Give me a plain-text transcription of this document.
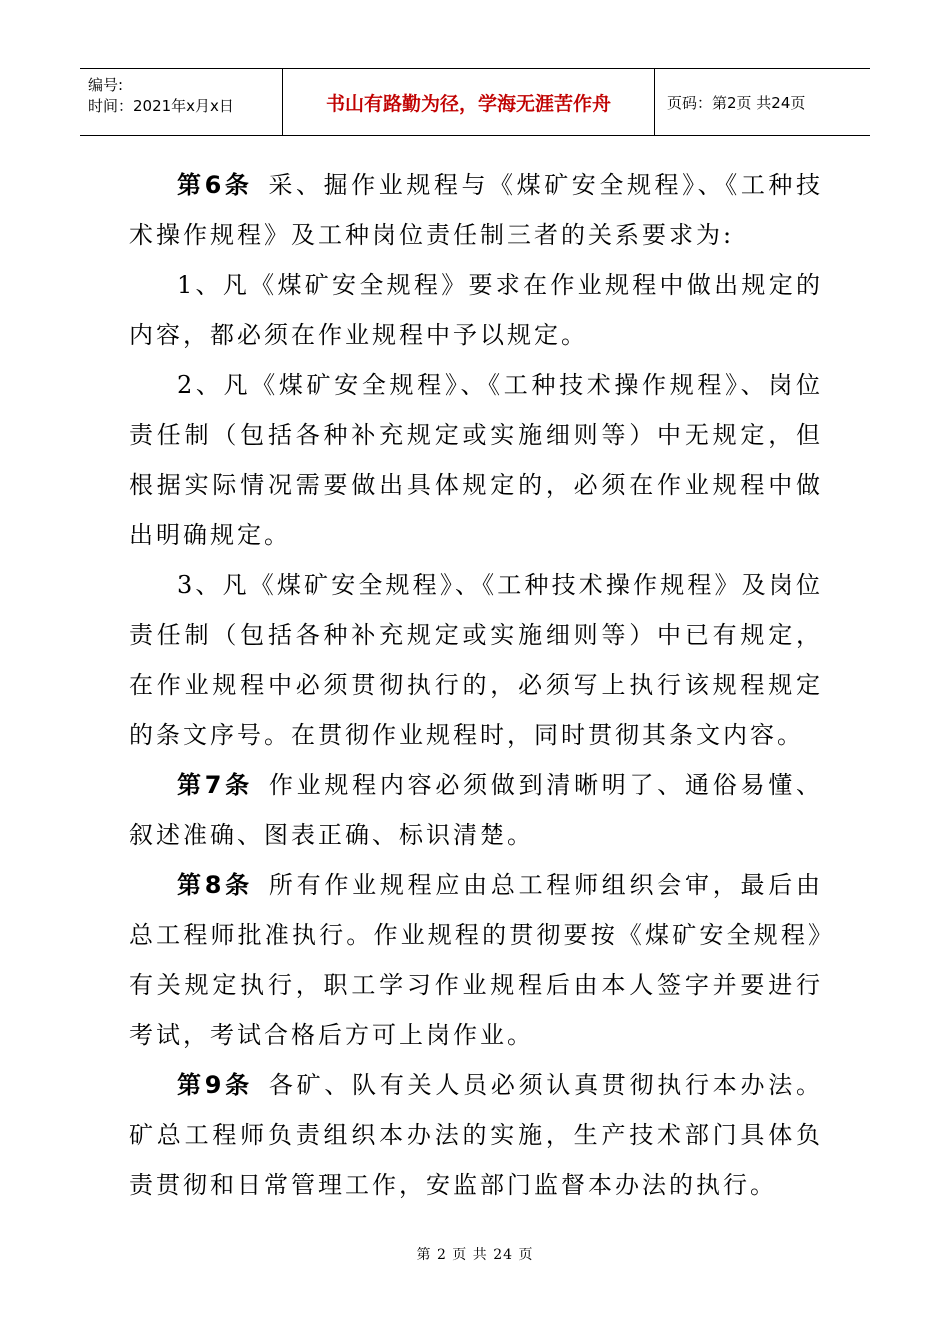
编号:
时间：2021年x月x日	书山有路勤为径，学海无涯苦作舟	页码：第2页 共24页

第6条 采、掘作业规程与《煤矿安全规程》、《工种技术操作规程》及工种岗位责任制三者的关系要求为:

1、凡《煤矿安全规程》要求在作业规程中做出规定的内容，都必须在作业规程中予以规定。

2、凡《煤矿安全规程》、《工种技术操作规程》、岗位责任制（包括各种补充规定或实施细则等）中无规定，但根据实际情况需要做出具体规定的，必须在作业规程中做出明确规定。

3、凡《煤矿安全规程》、《工种技术操作规程》及岗位责任制（包括各种补充规定或实施细则等）中已有规定，在作业规程中必须贯彻执行的，必须写上执行该规程规定的条文序号。在贯彻作业规程时，同时贯彻其条文内容。

第7条 作业规程内容必须做到清晰明了、通俗易懂、叙述准确、图表正确、标识清楚。

第8条 所有作业规程应由总工程师组织会审，最后由总工程师批准执行。作业规程的贯彻要按《煤矿安全规程》有关规定执行，职工学习作业规程后由本人签字并要进行考试，考试合格后方可上岗作业。

第9条 各矿、队有关人员必须认真贯彻执行本办法。矿总工程师负责组织本办法的实施，生产技术部门具体负责贯彻和日常管理工作，安监部门监督本办法的执行。

第 2 页 共 24 页
